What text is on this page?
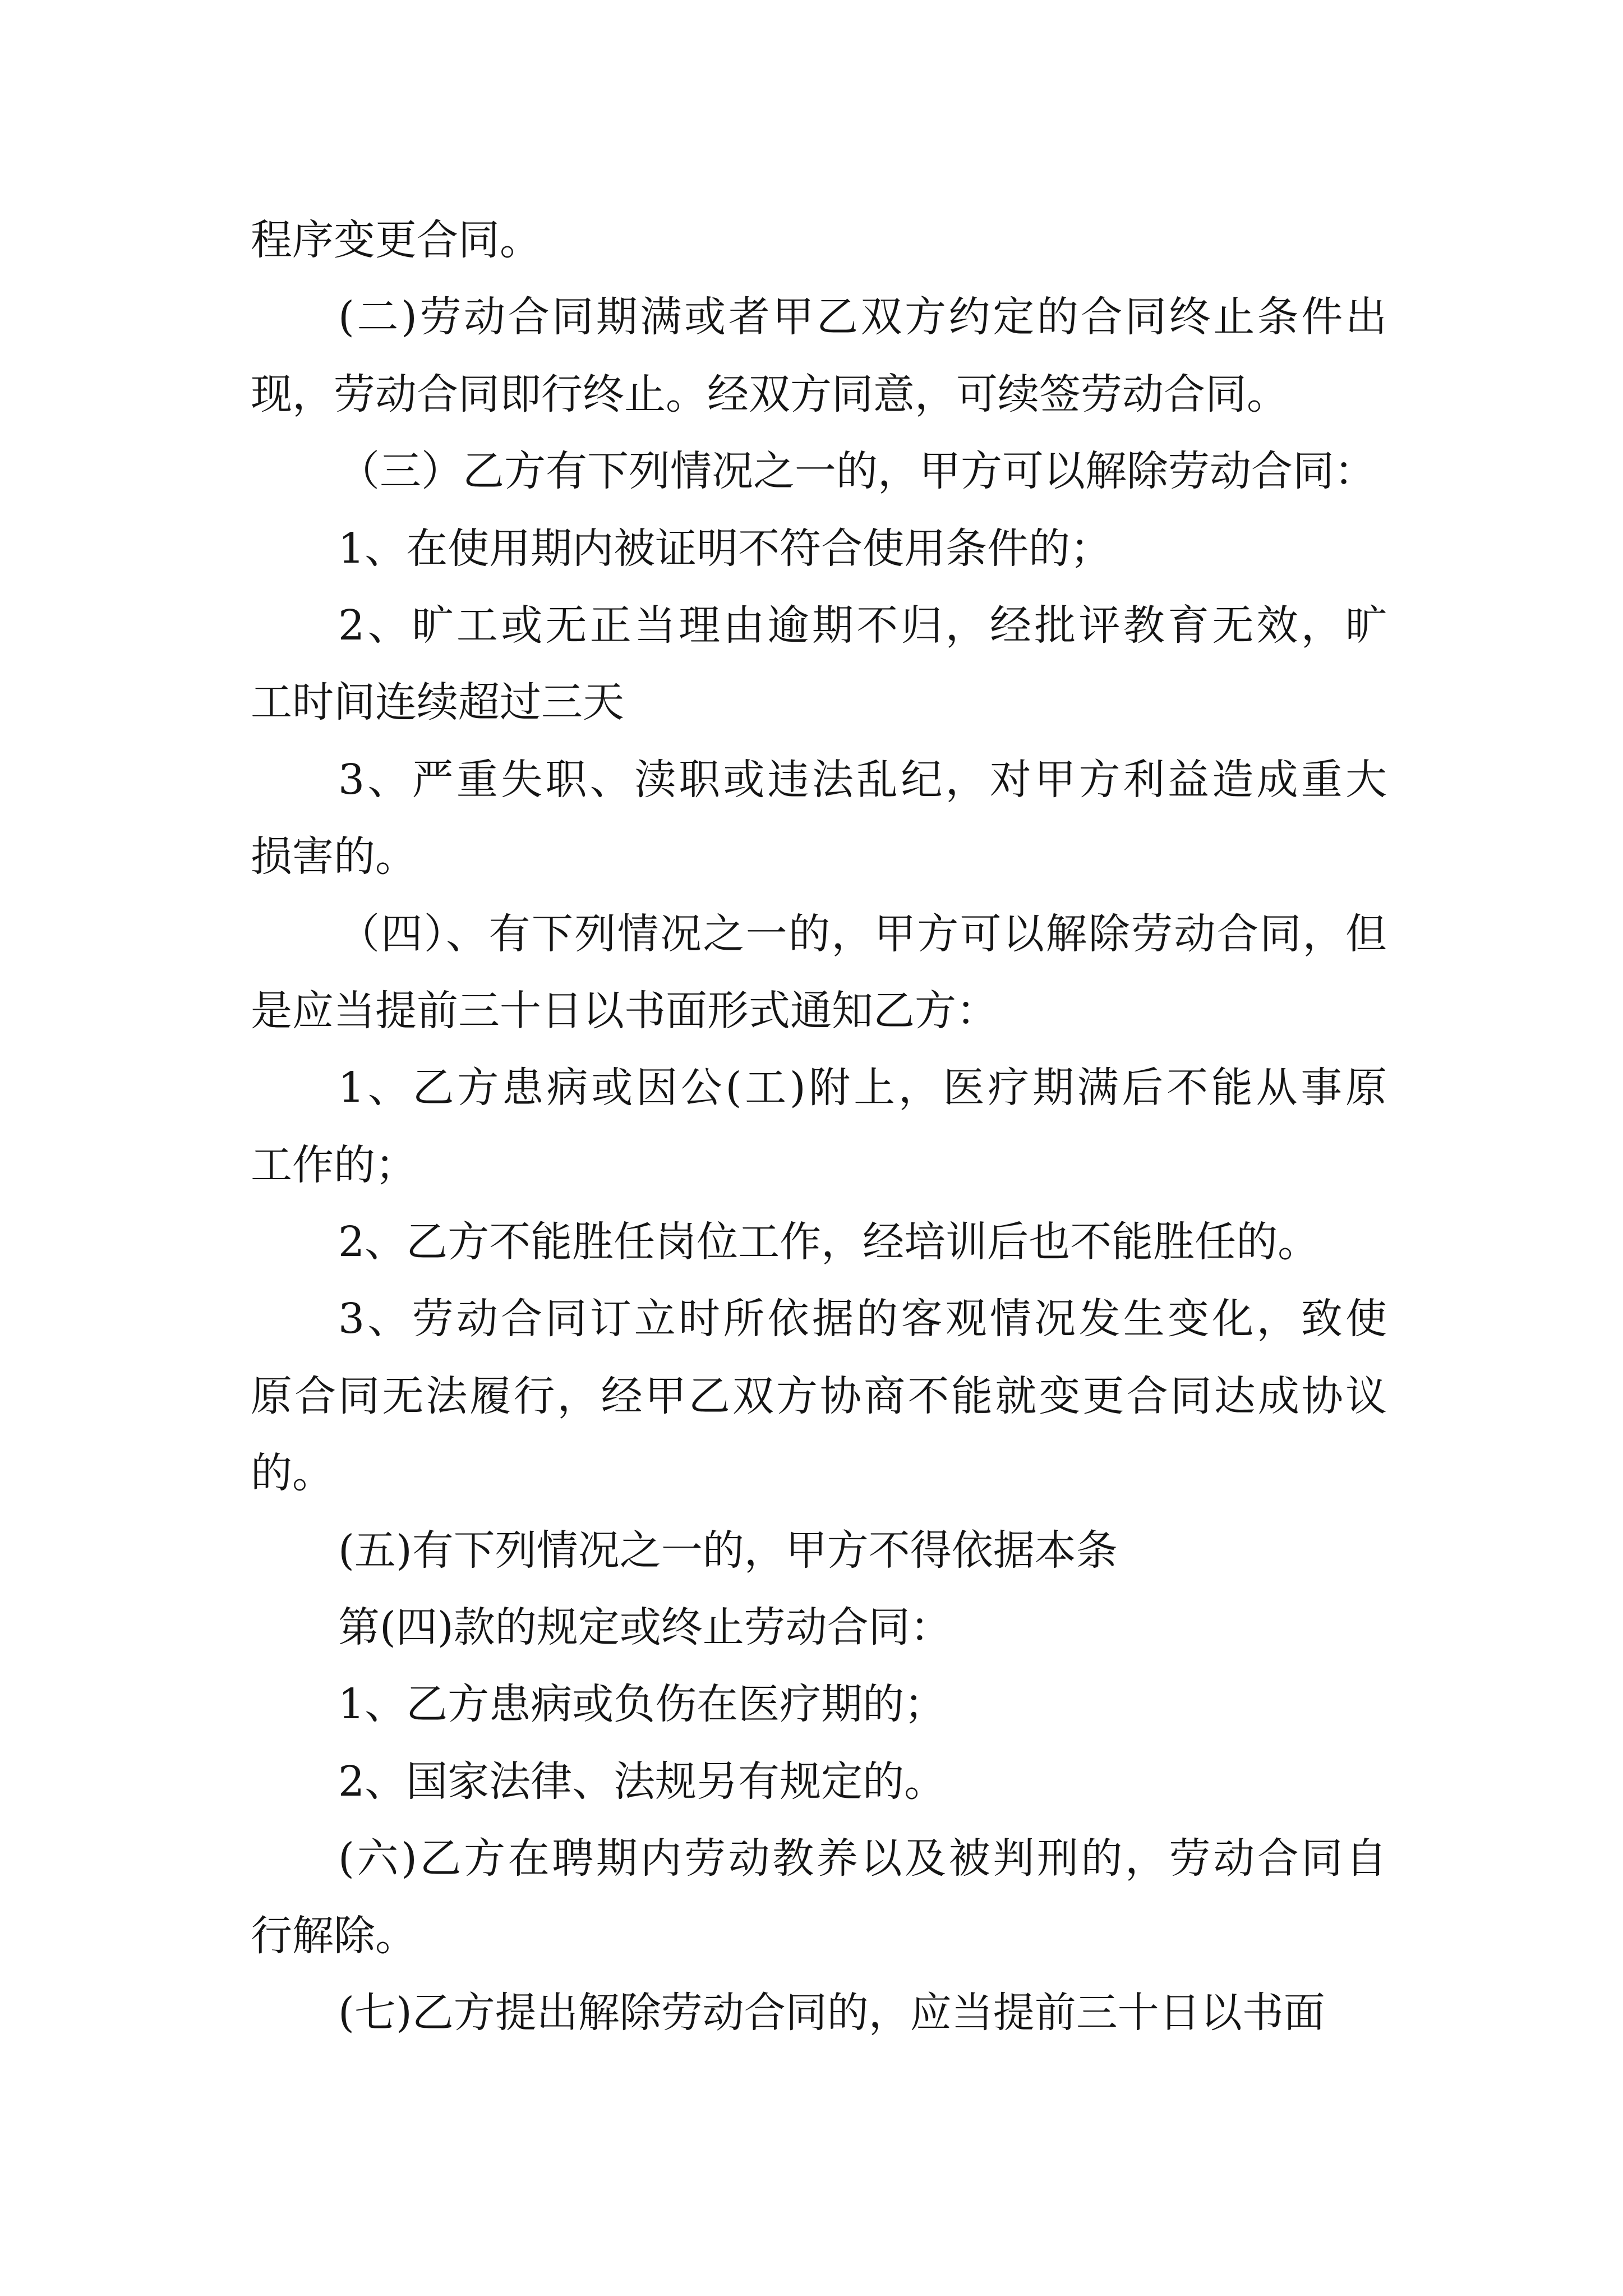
程序变更合同。
(二)劳动合同期满或者甲乙双方约定的合同终止条件出
现，劳动合同即行终止。经双方同意，可续签劳动合同。
（三）乙方有下列情况之一的，甲方可以解除劳动合同：
1、在使用期内被证明不符合使用条件的；
2、旷工或无正当理由逾期不归，经批评教育无效，旷
工时间连续超过三天
3、严重失职、渎职或违法乱纪，对甲方利益造成重大
损害的。
（四）、有下列情况之一的，甲方可以解除劳动合同，但
是应当提前三十日以书面形式通知乙方：
1、乙方患病或因公(工)附上，医疗期满后不能从事原
工作的；
2、乙方不能胜任岗位工作，经培训后也不能胜任的。
3、劳动合同订立时所依据的客观情况发生变化，致使
原合同无法履行，经甲乙双方协商不能就变更合同达成协议
的。
(五)有下列情况之一的，甲方不得依据本条
第(四)款的规定或终止劳动合同：
1、乙方患病或负伤在医疗期的；
2、国家法律、法规另有规定的。
(六)乙方在聘期内劳动教养以及被判刑的，劳动合同自
行解除。
(七)乙方提出解除劳动合同的，应当提前三十日以书面
